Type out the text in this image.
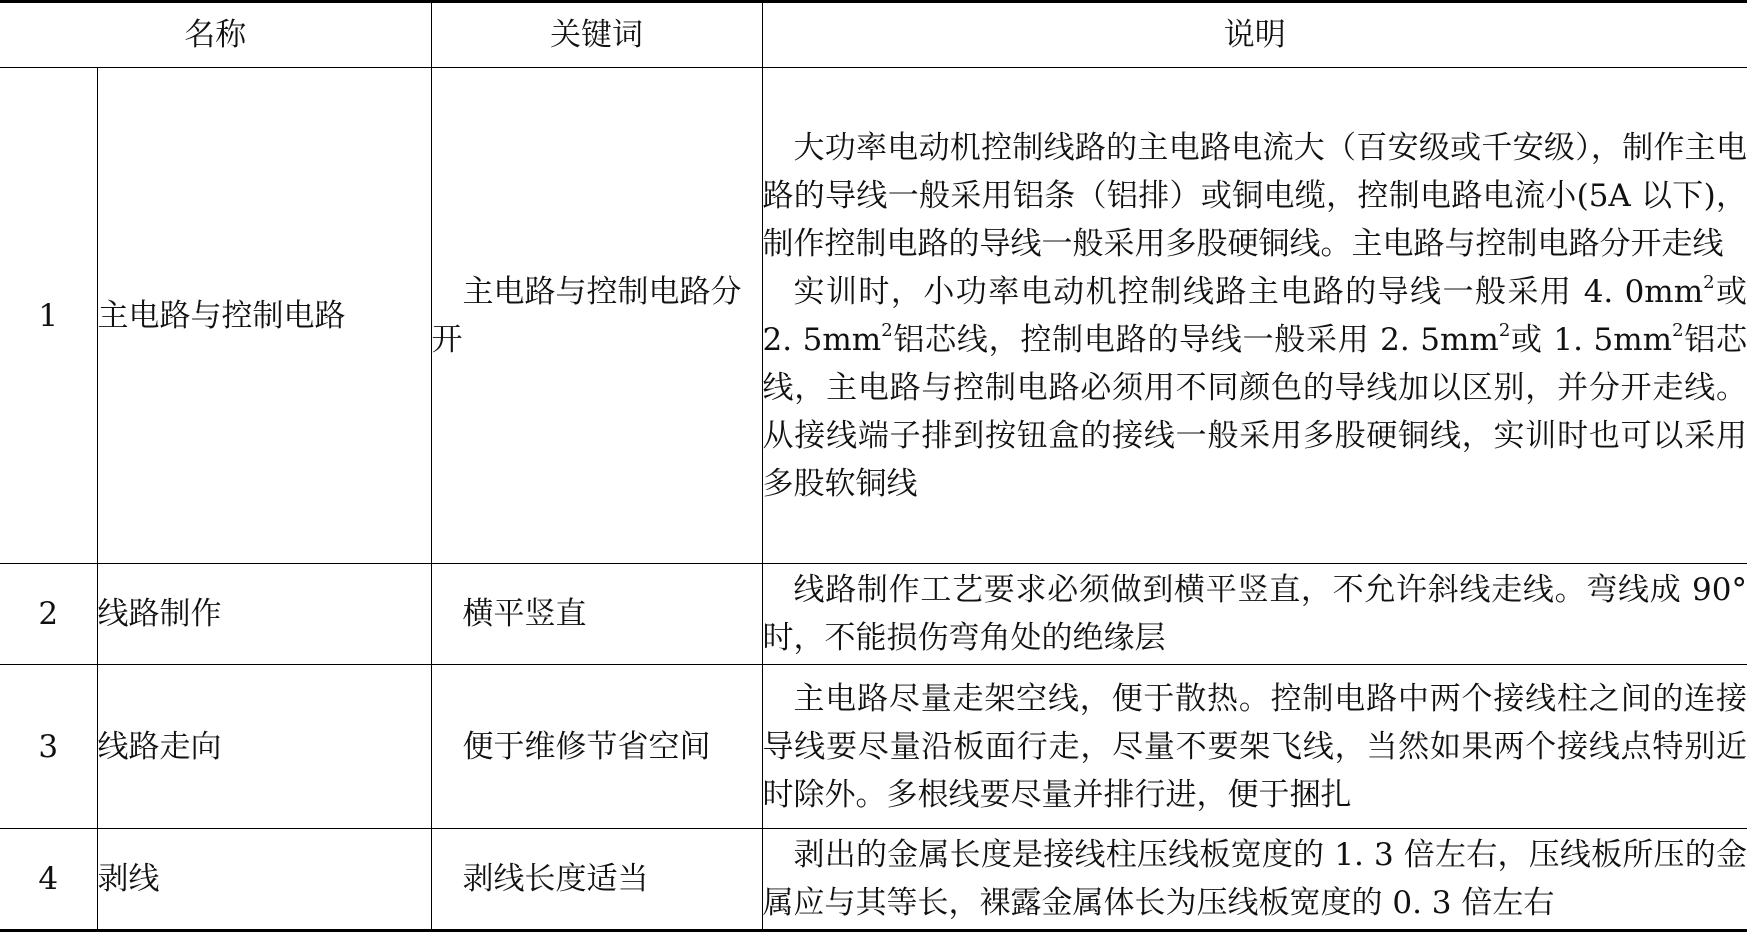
名称		关键词	说明
1	主电路与控制电路	主电路与控制电路分开	大功率电动机控制线路的主电路电流大（百安级或千安级），制作主电路的导线一般采用铝条（铝排）或铜电缆，控制电路电流小(5A 以下)，制作控制电路的导线一般采用多股硬铜线。主电路与控制电路分开走线

实训时，小功率电动机控制线路主电路的导线一般采用 4. $0mm^2$或 2. $5mm^2$铝芯线，控制电路的导线一般采用 2. $5mm^2$或 1. $5mm^2$铝芯线，主电路与控制电路必须用不同颜色的导线加以区别，并分开走线。从接线端子排到按钮盒的接线一般采用多股硬铜线，实训时也可以采用多股软铜线

2	线路制作	横平竖直	线路制作工艺要求必须做到横平竖直，不允许斜线走线。弯线成 90°时，不能损伤弯角处的绝缘层

3	线路走向	便于维修节省空间	主电路尽量走架空线，便于散热。控制电路中两个接线柱之间的连接导线要尽量沿板面行走，尽量不要架飞线，当然如果两个接线点特别近时除外。多根线要尽量并排行进，便于捆扎

4	剥线	剥线长度适当	剥出的金属长度是接线柱压线板宽度的 1. 3 倍左右，压线板所压的金属应与其等长，裸露金属体长为压线板宽度的 0. 3 倍左右
